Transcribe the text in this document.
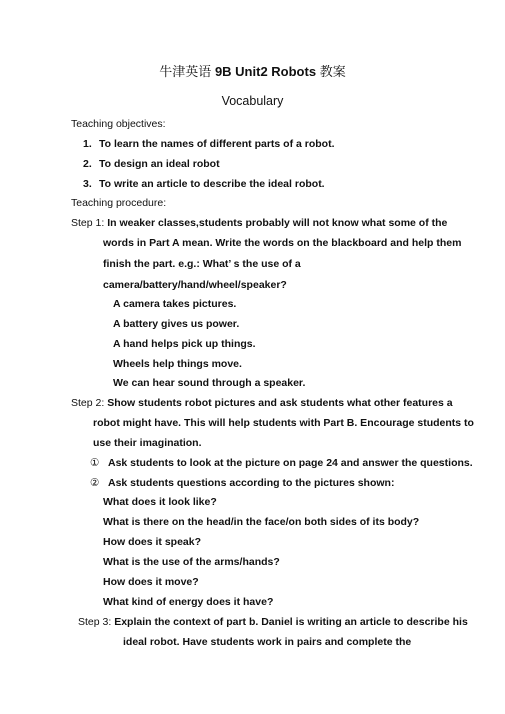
牛津英语 9B Unit2 Robots 教案
Vocabulary
Teaching objectives:
1. To learn the names of different parts of a robot.
2. To design an ideal robot
3. To write an article to describe the ideal robot.
Teaching procedure:
Step 1: In weaker classes,students probably will not know what some of the
words in Part A mean. Write the words on the blackboard and help them
finish the part. e.g.: What’ s the use of a
camera/battery/hand/wheel/speaker?
A camera takes pictures.
A battery gives us power.
A hand helps pick up things.
Wheels help things move.
We can hear sound through a speaker.
Step 2: Show students robot pictures and ask students what other features a
robot might have. This will help students with Part B. Encourage students to
use their imagination.
① Ask students to look at the picture on page 24 and answer the questions.
② Ask students questions according to the pictures shown:
What does it look like?
What is there on the head/in the face/on both sides of its body?
How does it speak?
What is the use of the arms/hands?
How does it move?
What kind of energy does it have?
Step 3: Explain the context of part b. Daniel is writing an article to describe his
ideal robot. Have students work in pairs and complete the
